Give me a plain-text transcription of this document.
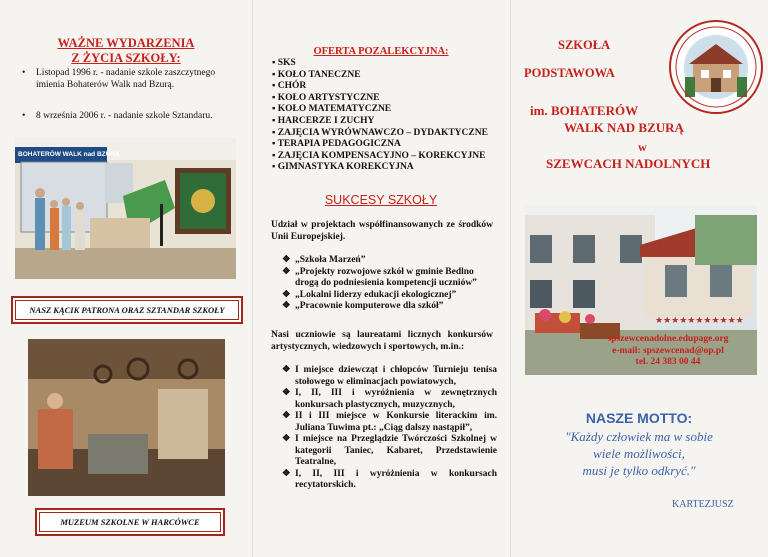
WAŻNE WYDARZENIA
Z ŻYCIA SZKOŁY:
• Listopad 1996 r. - nadanie szkole zaszczytnego imienia Bohaterów Walk nad Bzurą.
• 8 września 2006 r. - nadanie szkole Sztandaru.
BOHATERÓW WALK nad BZURĄ
NASZ KĄCIK PATRONA ORAZ SZTANDAR SZKOŁY
MUZEUM SZKOLNE W HARCÓWCE
OFERTA POZALEKCYJNA:
▪ SKS
▪ KOŁO TANECZNE
▪ CHÓR
▪ KOŁO ARTYSTYCZNE
▪ KOŁO MATEMATYCZNE
▪ HARCERZE I ZUCHY
▪ ZAJĘCIA WYRÓWNAWCZO – DYDAKTYCZNE
▪ TERAPIA PEDAGOGICZNA
▪ ZAJĘCIA KOMPENSACYJNO – KOREKCYJNE
▪ GIMNASTYKA KOREKCYJNA
SUKCESY SZKOŁY
Udział w projektach współfinansowanych ze środków Unii Europejskiej.
❖ „Szkoła Marzeń”
❖ „Projekty rozwojowe szkół w gminie Bedlno drogą do podniesienia kompetencji uczniów”
❖ „Lokalni liderzy edukacji ekologicznej”
❖ „Pracownie komputerowe dla szkół”
Nasi uczniowie są laureatami licznych konkursów artystycznych, wiedzowych i sportowych, m.in.:
❖ I miejsce dziewcząt i chłopców Turnieju tenisa stołowego w eliminacjach powiatowych,
❖ I, II, III i wyróżnienia w zewnętrznych konkursach plastycznych, muzycznych,
❖ II i III miejsce w Konkursie literackim im. Juliana Tuwima pt.: „Ciąg dalszy nastąpił”,
❖ I miejsce na Przeglądzie Twórczości Szkolnej w kategorii Taniec, Kabaret, Przedstawienie Teatralne,
❖ I, II, III i wyróżnienia w konkursach recytatorskich.
SZKOŁA
PODSTAWOWA
im. BOHATERÓW
WALK NAD BZURĄ
w
SZEWCACH NADOLNYCH
★★★★★★★★★★★
spszewcenadolne.edupage.org
e-mail: spszewcenad@op.pl
tel. 24 383 00 44
NASZE MOTTO:
"Każdy człowiek ma w sobie
wiele możliwości,
musi je tylko odkryć."
KARTEZJUSZ
